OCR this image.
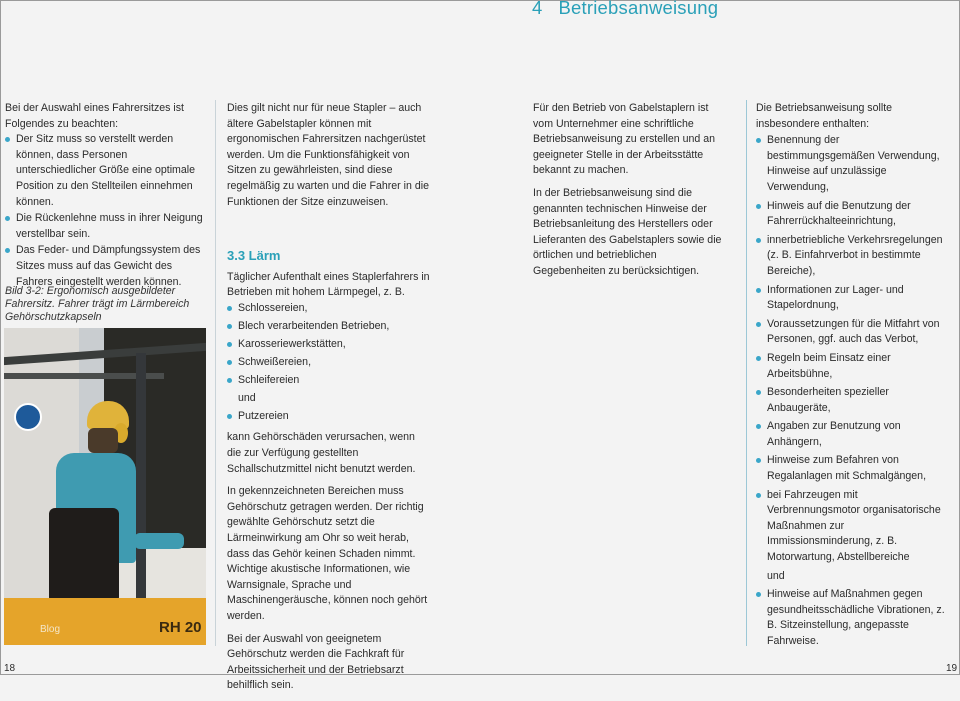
4 Betriebsanweisung

Bei der Auswahl eines Fahrersitzes ist Folgendes zu beachten:

Der Sitz muss so verstellt werden können, dass Personen unterschiedlicher Größe eine optimale Position zu den Stellteilen einnehmen können.
Die Rückenlehne muss in ihrer Neigung verstellbar sein.
Das Feder- und Dämpfungssystem des Sitzes muss auf das Gewicht des Fahrers eingestellt werden können.
Bild 3-2: Ergonomisch ausgebildeter Fahrersitz. Fahrer trägt im Lärmbereich Gehörschutzkapseln
RH 20
Blog
18

Dies gilt nicht nur für neue Stapler – auch ältere Gabelstapler können mit ergonomischen Fahrersitzen nachgerüstet werden. Um die Funktionsfähigkeit von Sitzen zu gewährleisten, sind diese regelmäßig zu warten und die Fahrer in die Funktionen der Sitze einzuweisen.

3.3 Lärm

Täglicher Aufenthalt eines Staplerfahrers in Betrieben mit hohem Lärmpegel, z. B.

Schlossereien,
Blech verarbeitenden Betrieben,
Karosseriewerkstätten,
Schweißereien,
Schleifereien
und
Putzereien

kann Gehörschäden verursachen, wenn die zur Verfügung gestellten Schallschutzmittel nicht benutzt werden.

In gekennzeichneten Bereichen muss Gehörschutz getragen werden. Der richtig gewählte Gehörschutz setzt die Lärmeinwirkung am Ohr so weit herab, dass das Gehör keinen Schaden nimmt. Wichtige akustische Informationen, wie Warnsignale, Sprache und Maschinengeräusche, können noch gehört werden.

Bei der Auswahl von geeignetem Gehörschutz werden die Fachkraft für Arbeitssicherheit und der Betriebsarzt behilflich sein.

Für den Betrieb von Gabelstaplern ist vom Unternehmer eine schriftliche Betriebsanweisung zu erstellen und an geeigneter Stelle in der Arbeitsstätte bekannt zu machen.

In der Betriebsanweisung sind die genannten technischen Hinweise der Betriebsanleitung des Herstellers oder Lieferanten des Gabelstaplers sowie die örtlichen und betrieblichen Gegebenheiten zu berücksichtigen.

Die Betriebsanweisung sollte insbesondere enthalten:

Benennung der bestimmungsgemäßen Verwendung, Hinweise auf unzulässige Verwendung,
Hinweis auf die Benutzung der Fahrerrückhalteeinrichtung,
innerbetriebliche Verkehrsregelungen (z. B. Einfahrverbot in bestimmte Bereiche),
Informationen zur Lager- und Stapelordnung,
Voraussetzungen für die Mitfahrt von Personen, ggf. auch das Verbot,
Regeln beim Einsatz einer Arbeitsbühne,
Besonderheiten spezieller Anbaugeräte,
Angaben zur Benutzung von Anhängern,
Hinweise zum Befahren von Regalanlagen mit Schmalgängen,
bei Fahrzeugen mit Verbrennungsmotor organisatorische Maßnahmen zur Immissionsminderung, z. B. Motorwartung, Abstellbereiche
und
Hinweise auf Maßnahmen gegen gesundheitsschädliche Vibrationen, z. B. Sitzeinstellung, angepasste Fahrweise.
19
